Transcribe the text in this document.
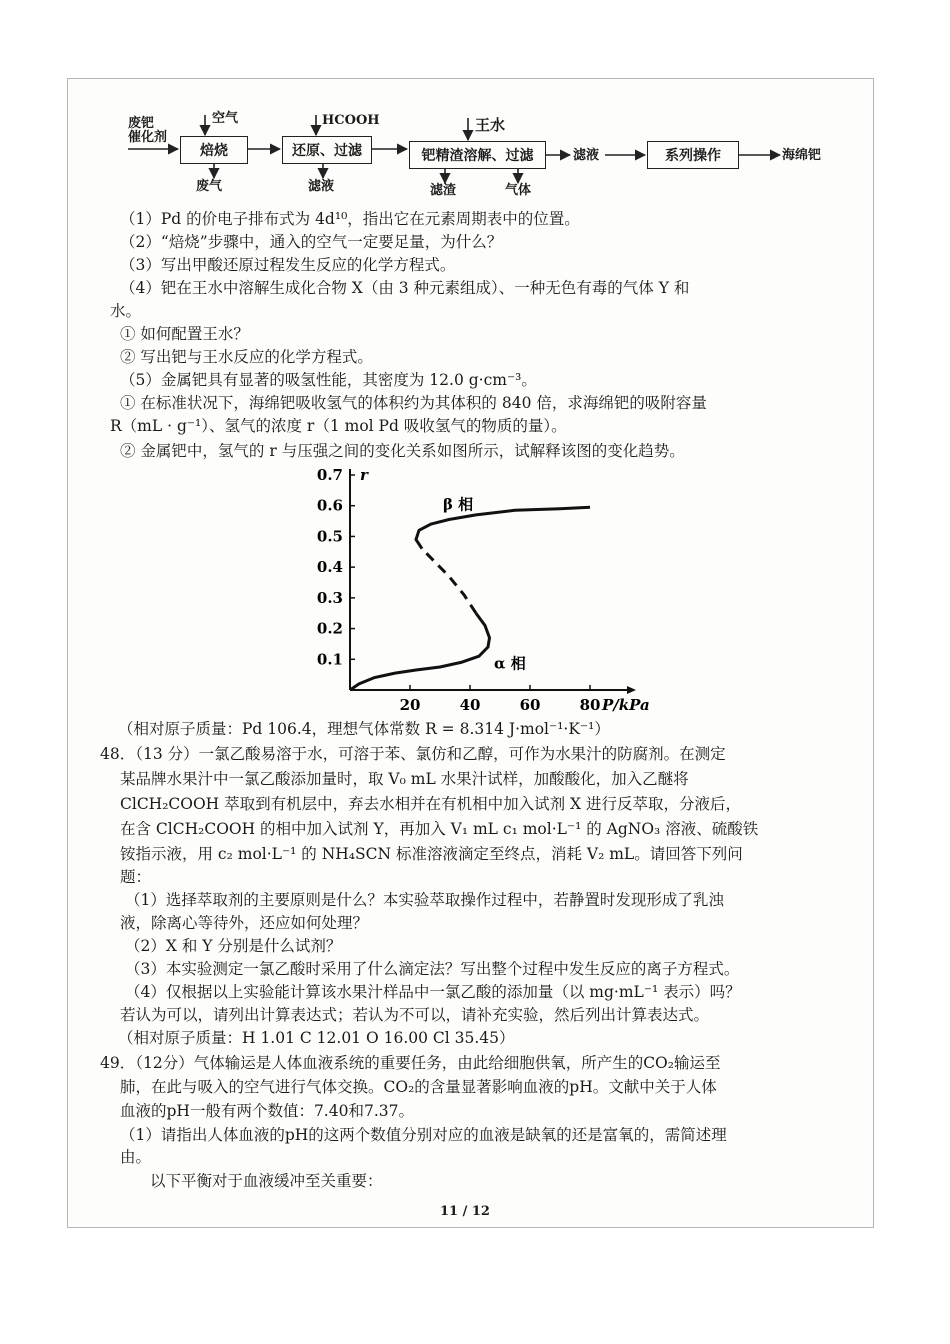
废钯
催化剂
空气	HCOOH	王水
焙烧	还原、过滤	钯精渣溶解、过滤	滤液	系列操作	海绵钯
废气	滤液	滤渣	气体
（1）Pd 的价电子排布式为 4d¹⁰，指出它在元素周期表中的位置。
（2）“焙烧”步骤中，通入的空气一定要足量，为什么？
（3）写出甲酸还原过程发生反应的化学方程式。
（4）钯在王水中溶解生成化合物 X（由 3 种元素组成）、一种无色有毒的气体 Y 和
水。
① 如何配置王水？
② 写出钯与王水反应的化学方程式。
（5）金属钯具有显著的吸氢性能，其密度为 12.0 g·cm⁻³。
① 在标准状况下，海绵钯吸收氢气的体积约为其体积的 840 倍，求海绵钯的吸附容量
R（mL · g⁻¹）、氢气的浓度 r（1 mol Pd 吸收氢气的物质的量）。
② 金属钯中，氢气的 r 与压强之间的变化关系如图所示，试解释该图的变化趋势。
0.1
0.2
0.3
0.4
0.5
0.6
0.7
20	40	60	80
r
P/kPa
β 相
α 相
（相对原子质量：Pd 106.4，理想气体常数 R = 8.314 J·mol⁻¹·K⁻¹）
48．（13 分）一氯乙酸易溶于水，可溶于苯、氯仿和乙醇，可作为水果汁的防腐剂。在测定
某品牌水果汁中一氯乙酸添加量时，取 V₀ mL 水果汁试样，加酸酸化，加入乙醚将
ClCH₂COOH 萃取到有机层中，弃去水相并在有机相中加入试剂 X 进行反萃取，分液后，
在含 ClCH₂COOH 的相中加入试剂 Y，再加入 V₁ mL c₁ mol·L⁻¹ 的 AgNO₃ 溶液、硫酸铁
铵指示液，用 c₂ mol·L⁻¹ 的 NH₄SCN 标准溶液滴定至终点，消耗 V₂ mL。请回答下列问
题：
（1）选择萃取剂的主要原则是什么？本实验萃取操作过程中，若静置时发现形成了乳浊
液，除离心等待外，还应如何处理？
（2）X 和 Y 分别是什么试剂？
（3）本实验测定一氯乙酸时采用了什么滴定法？写出整个过程中发生反应的离子方程式。
（4）仅根据以上实验能计算该水果汁样品中一氯乙酸的添加量（以 mg·mL⁻¹ 表示）吗？
若认为可以，请列出计算表达式；若认为不可以，请补充实验，然后列出计算表达式。
（相对原子质量：H 1.01 C 12.01 O 16.00 Cl 35.45）
49．（12分）气体输运是人体血液系统的重要任务，由此给细胞供氧，所产生的CO₂输运至
肺，在此与吸入的空气进行气体交换。CO₂的含量显著影响血液的pH。文献中关于人体
血液的pH一般有两个数值：7.40和7.37。
（1）请指出人体血液的pH的这两个数值分别对应的血液是缺氧的还是富氧的，需简述理
由。
以下平衡对于血液缓冲至关重要：
11 / 12
